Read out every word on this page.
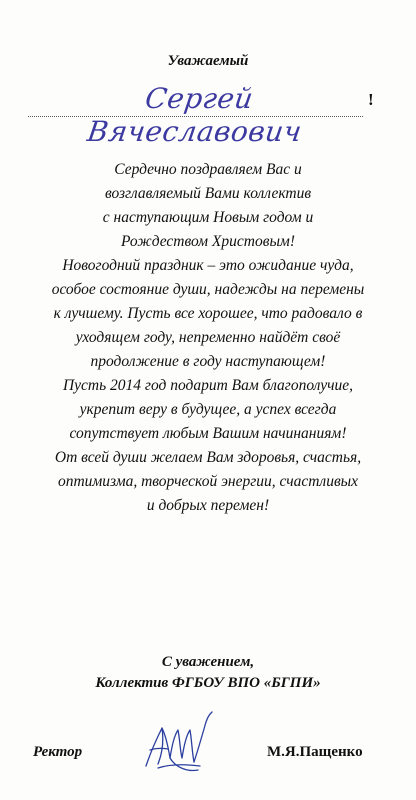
Уважаемый
Сергей Вячеславович
!
Сердечно поздравляем Вас и
возглавляемый Вами коллектив
с наступающим Новым годом и
Рождеством Христовым!
Новогодний праздник – это ожидание чуда,
особое состояние души, надежды на перемены
к лучшему. Пусть все хорошее, что радовало в
уходящем году, непременно найдёт своё
продолжение в году наступающем!
Пусть 2014 год подарит Вам благополучие,
укрепит веру в будущее, а успех всегда
сопутствует любым Вашим начинаниям!
От всей души желаем Вам здоровья, счастья,
оптимизма, творческой энергии, счастливых
и добрых перемен!
С уважением,
Коллектив ФГБОУ ВПО «БГПИ»
Ректор	М.Я.Пащенко
